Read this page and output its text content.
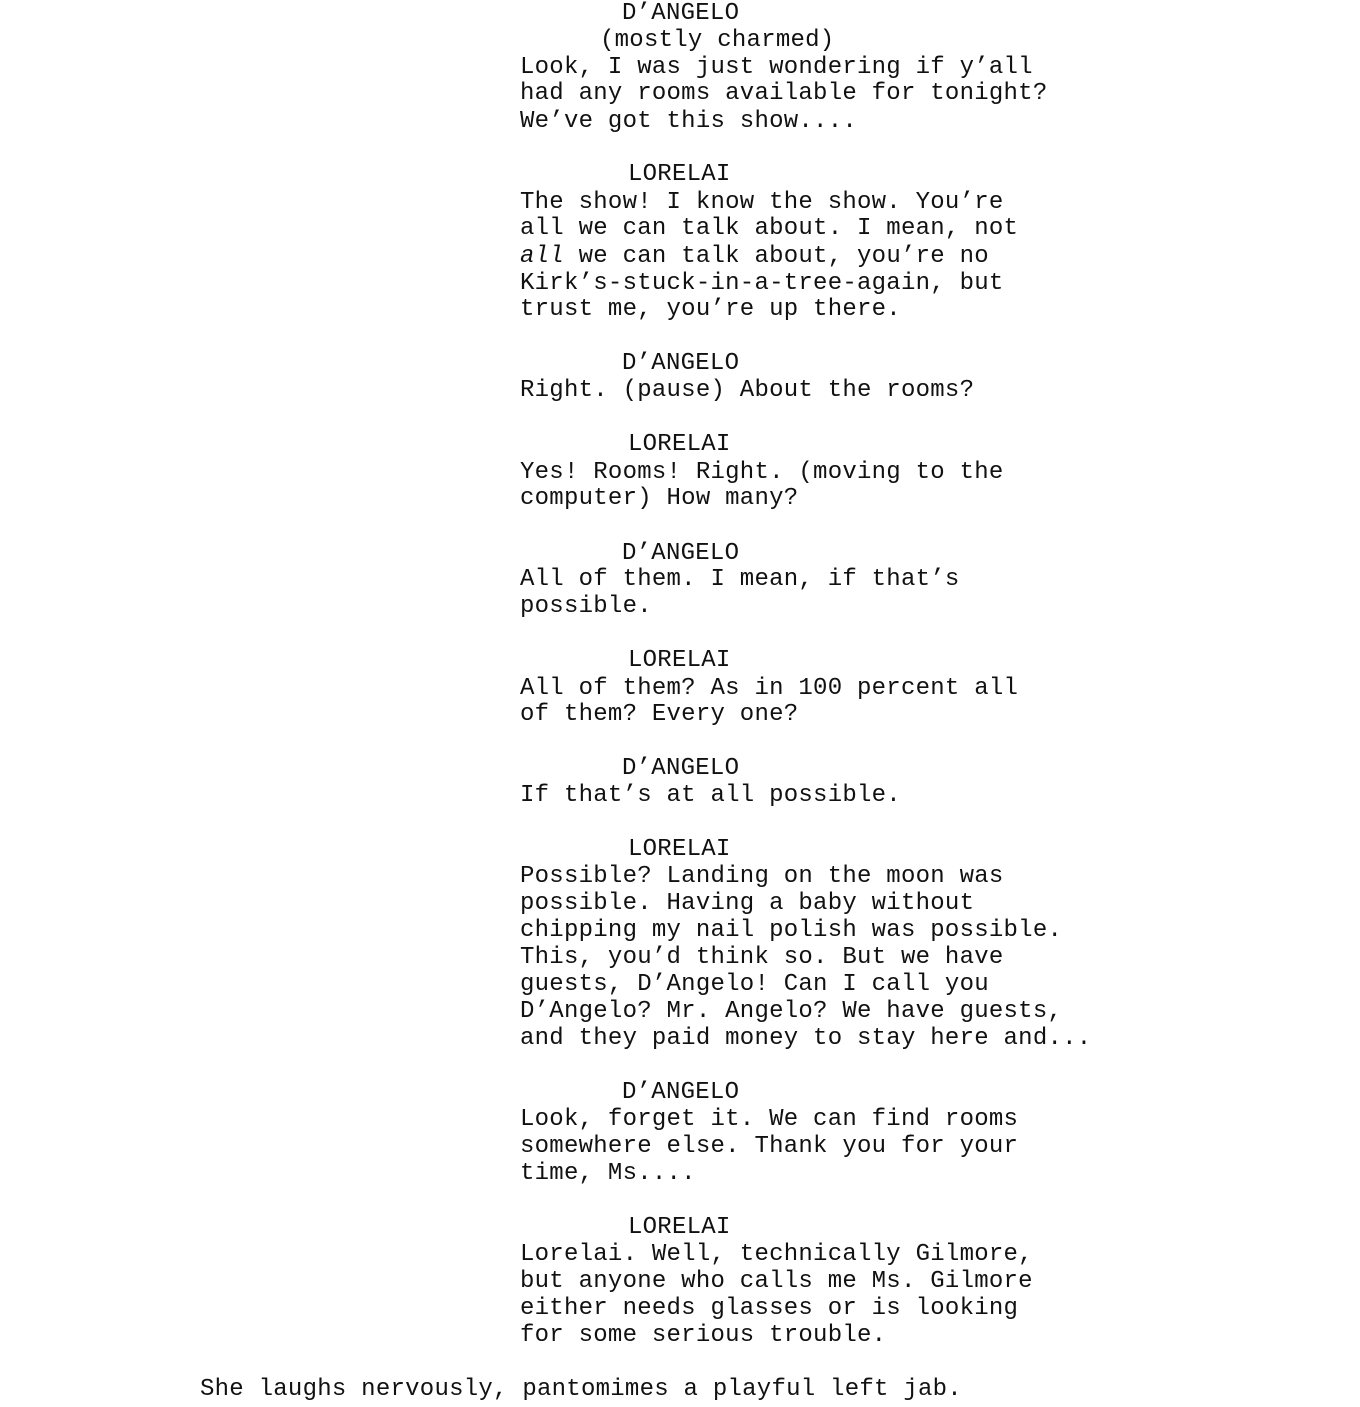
D’ANGELO
(mostly charmed)
Look, I was just wondering if y’all
had any rooms available for tonight?
We’ve got this show....
LORELAI
The show! I know the show. You’re
all we can talk about. I mean, not
all we can talk about, you’re no
Kirk’s-stuck-in-a-tree-again, but
trust me, you’re up there.
D’ANGELO
Right. (pause) About the rooms?
LORELAI
Yes! Rooms! Right. (moving to the
computer) How many?
D’ANGELO
All of them. I mean, if that’s
possible.
LORELAI
All of them? As in 100 percent all
of them? Every one?
D’ANGELO
If that’s at all possible.
LORELAI
Possible? Landing on the moon was
possible. Having a baby without
chipping my nail polish was possible.
This, you’d think so. But we have
guests, D’Angelo! Can I call you
D’Angelo? Mr. Angelo? We have guests,
and they paid money to stay here and...
D’ANGELO
Look, forget it. We can find rooms
somewhere else. Thank you for your
time, Ms....
LORELAI
Lorelai. Well, technically Gilmore,
but anyone who calls me Ms. Gilmore
either needs glasses or is looking
for some serious trouble.
She laughs nervously, pantomimes a playful left jab.
